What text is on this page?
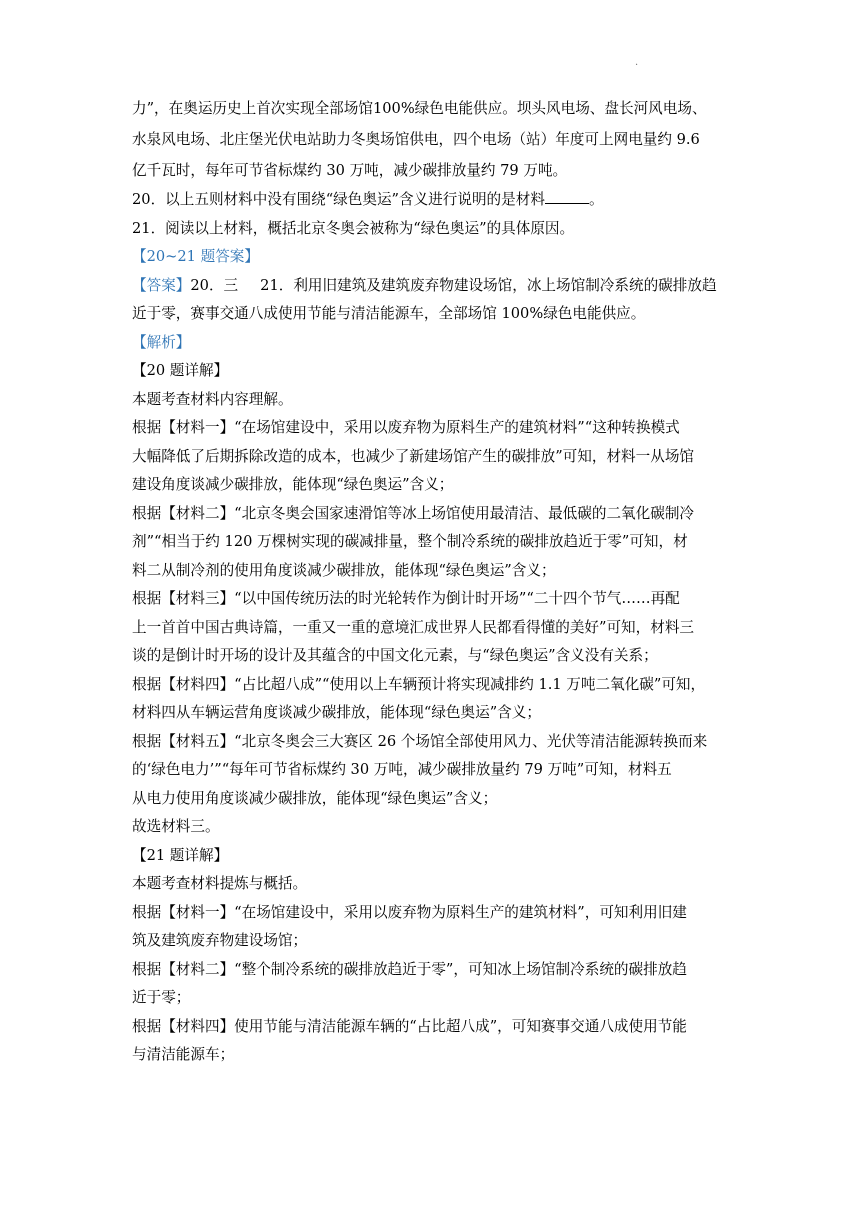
·
力”，在奥运历史上首次实现全部场馆100%绿色电能供应。坝头风电场、盘长河风电场、
水泉风电场、北庄堡光伏电站助力冬奥场馆供电，四个电场（站）年度可上网电量约 9.6
亿千瓦时，每年可节省标煤约 30 万吨，减少碳排放量约 79 万吨。
20．以上五则材料中没有围绕“绿色奥运”含义进行说明的是材料	。
21．阅读以上材料，概括北京冬奥会被称为“绿色奥运”的具体原因。
【20~21 题答案】
【答案】20．三 21．利用旧建筑及建筑废弃物建设场馆，冰上场馆制冷系统的碳排放趋
近于零，赛事交通八成使用节能与清洁能源车，全部场馆 100%绿色电能供应。
【解析】
【20 题详解】
本题考查材料内容理解。
根据【材料一】“在场馆建设中，采用以废弃物为原料生产的建筑材料”“这种转换模式
大幅降低了后期拆除改造的成本，也减少了新建场馆产生的碳排放”可知，材料一从场馆
建设角度谈减少碳排放，能体现“绿色奥运”含义；
根据【材料二】“北京冬奥会国家速滑馆等冰上场馆使用最清洁、最低碳的二氧化碳制冷
剂”“相当于约 120 万棵树实现的碳减排量，整个制冷系统的碳排放趋近于零”可知，材
料二从制冷剂的使用角度谈减少碳排放，能体现“绿色奥运”含义；
根据【材料三】“以中国传统历法的时光轮转作为倒计时开场”“二十四个节气……再配
上一首首中国古典诗篇，一重又一重的意境汇成世界人民都看得懂的美好”可知，材料三
谈的是倒计时开场的设计及其蕴含的中国文化元素，与“绿色奥运”含义没有关系；
根据【材料四】“占比超八成”“使用以上车辆预计将实现减排约 1.1 万吨二氧化碳”可知，
材料四从车辆运营角度谈减少碳排放，能体现“绿色奥运”含义；
根据【材料五】“北京冬奥会三大赛区 26 个场馆全部使用风力、光伏等清洁能源转换而来
的‘绿色电力’”“每年可节省标煤约 30 万吨，减少碳排放量约 79 万吨”可知，材料五
从电力使用角度谈减少碳排放，能体现“绿色奥运”含义；
故选材料三。
【21 题详解】
本题考查材料提炼与概括。
根据【材料一】“在场馆建设中，采用以废弃物为原料生产的建筑材料”，可知利用旧建
筑及建筑废弃物建设场馆；
根据【材料二】“整个制冷系统的碳排放趋近于零”，可知冰上场馆制冷系统的碳排放趋
近于零；
根据【材料四】使用节能与清洁能源车辆的“占比超八成”，可知赛事交通八成使用节能
与清洁能源车；
